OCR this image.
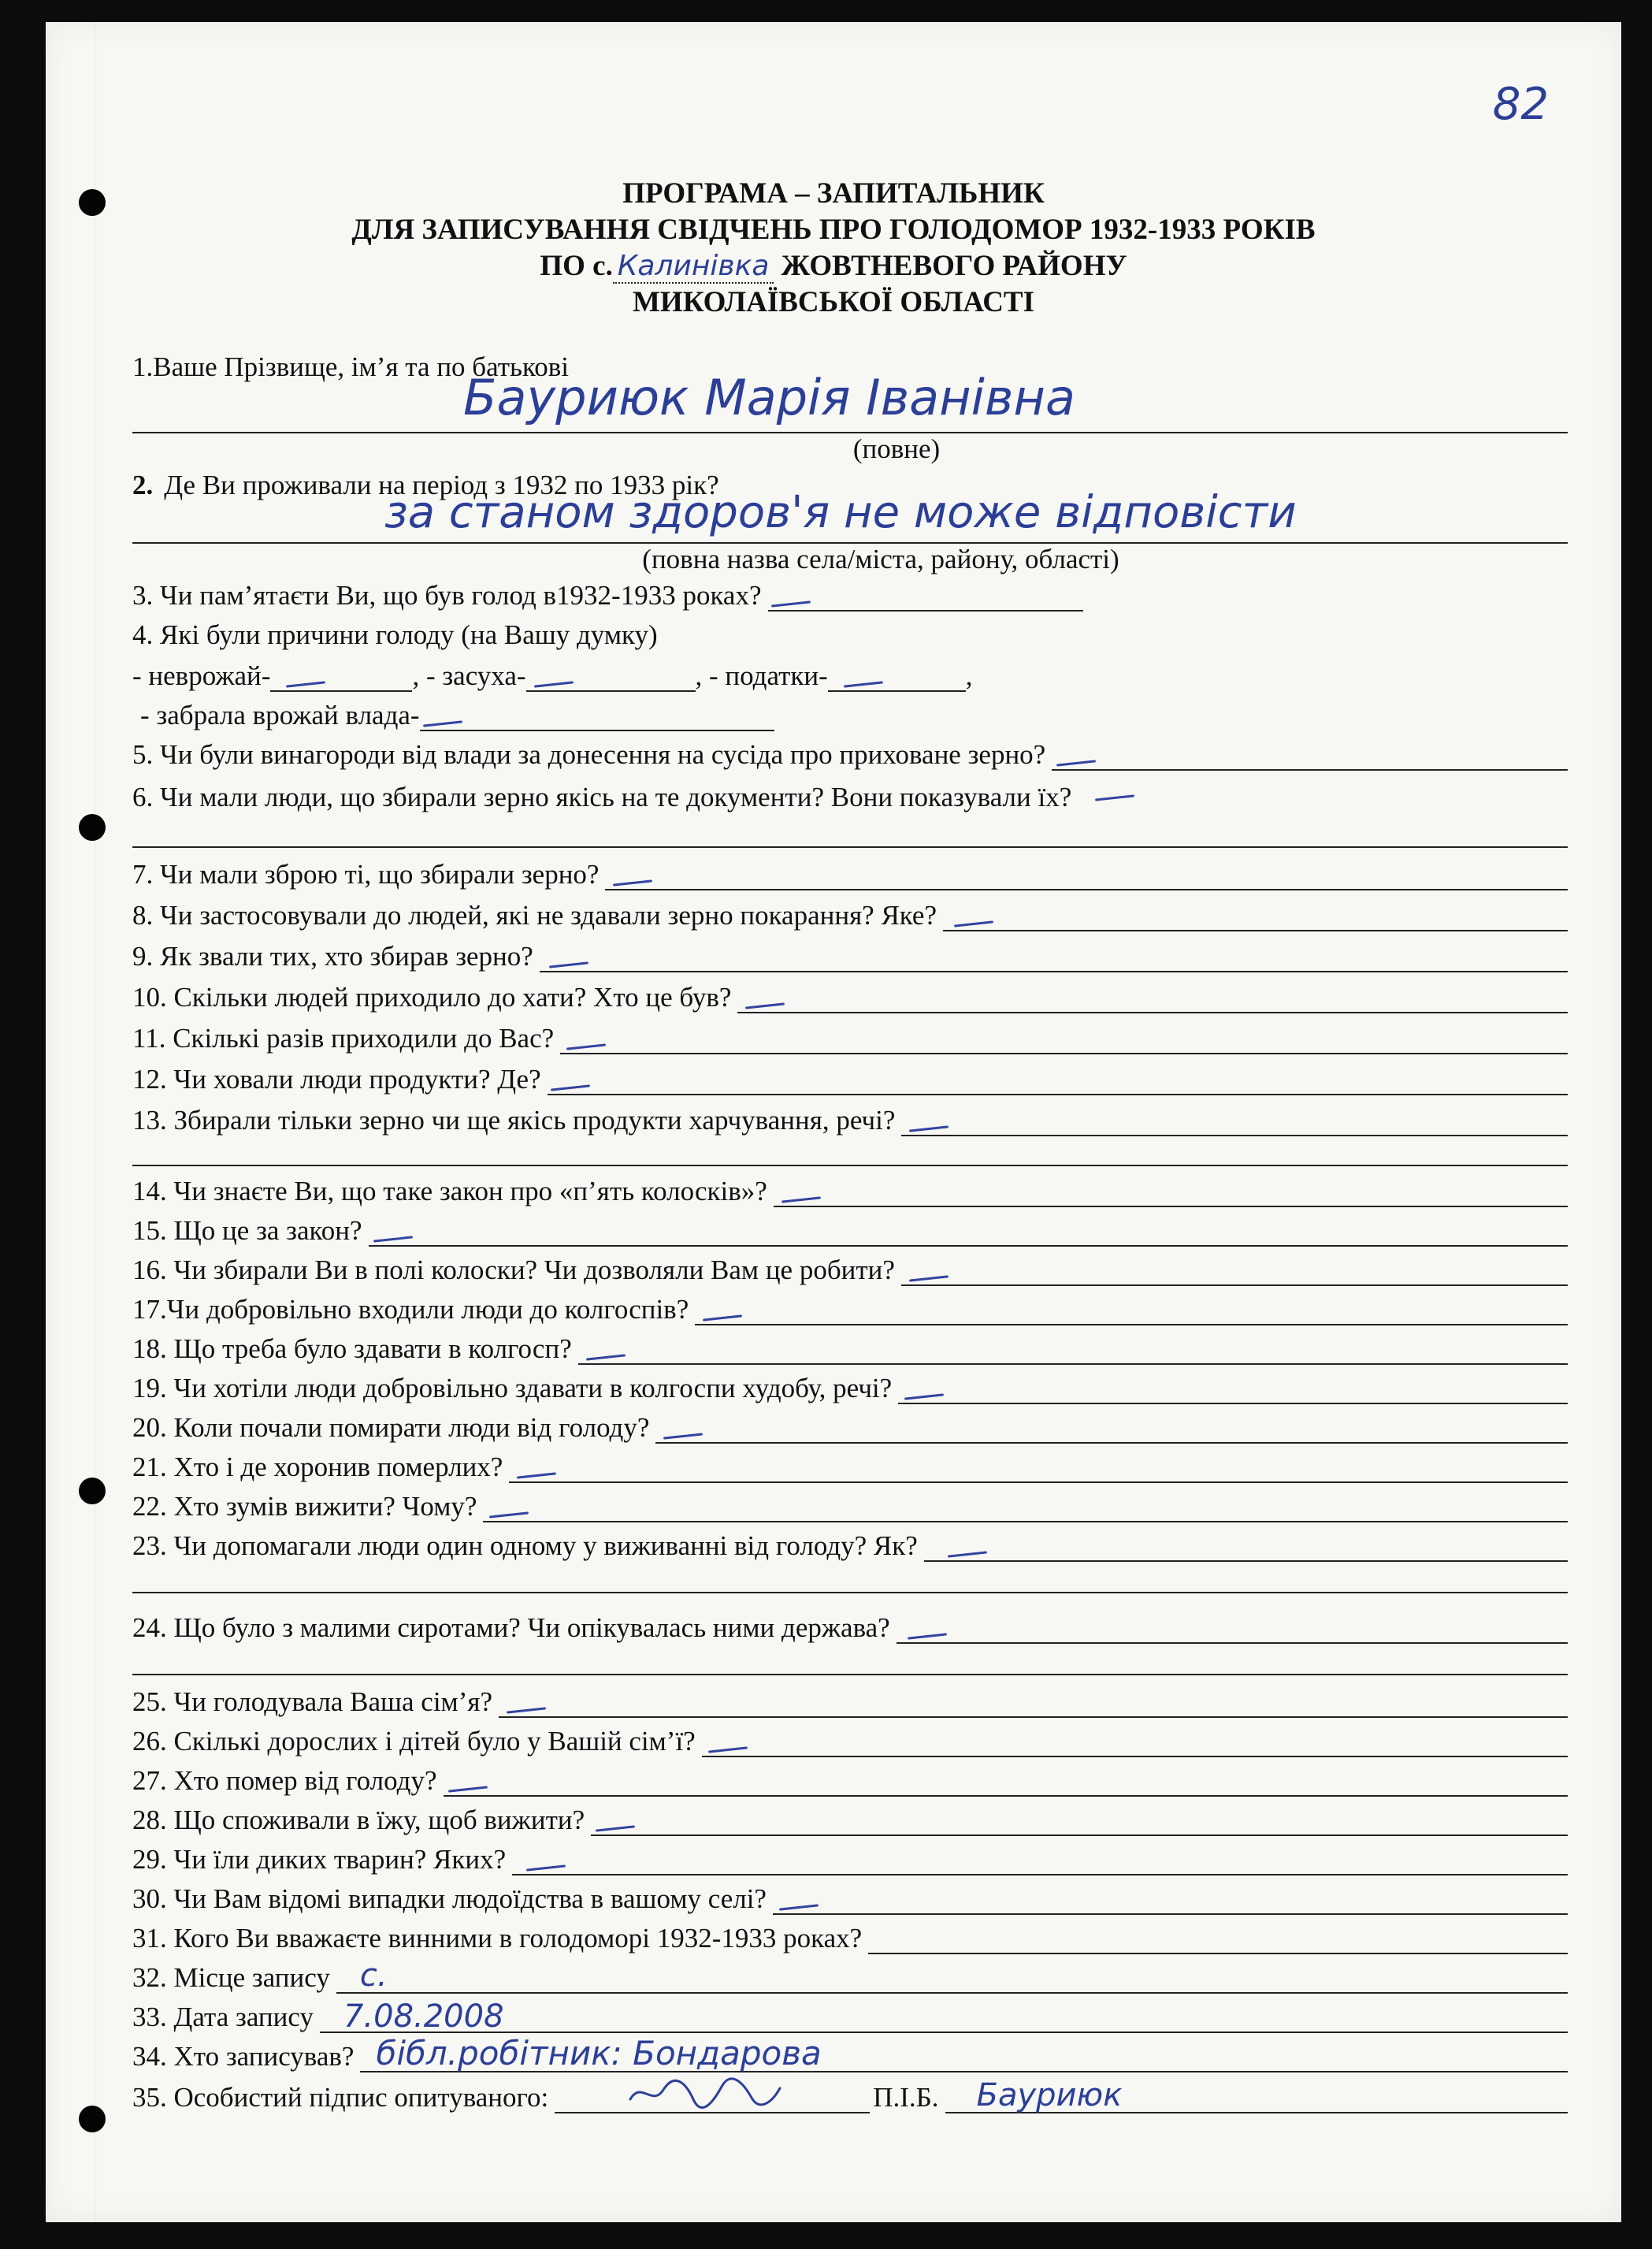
82
ПРОГРАМА – ЗАПИТАЛЬНИК
ДЛЯ ЗАПИСУВАННЯ СВІДЧЕНЬ ПРО ГОЛОДОМОР 1932-1933 РОКІВ
ПО с. Калинівка ЖОВТНЕВОГО РАЙОНУ
МИКОЛАЇВСЬКОЇ ОБЛАСТІ
1.Ваше Прізвище, ім’я та по батькові
Бауриюк Марія Іванівна
(повне)
2. Де Ви проживали на період з 1932 по 1933 рік?
за станом здоров'я не може відповісти
(повна назва села/міста, району, області)
3. Чи пам’ятаєти Ви, що був голод в1932-1933 роках?
4. Які були причини голоду (на Вашу думку)
- неврожай-	, - засуха-	, - податки-	,
- забрала врожай влада-
5. Чи були винагороди від влади за донесення на сусіда про приховане зерно?
6. Чи мали люди, що збирали зерно якісь на те документи? Вони показували їх?
7. Чи мали зброю ті, що збирали зерно?
8. Чи застосовували до людей, які не здавали зерно покарання? Яке?
9. Як звали тих, хто збирав зерно?
10. Скільки людей приходило до хати? Хто це був?
11. Скількі разів приходили до Вас?
12. Чи ховали люди продукти? Де?
13. Збирали тільки зерно чи ще якісь продукти харчування, речі?
14. Чи знаєте Ви, що таке закон про «п’ять колосків»?
15. Що це за закон?
16. Чи збирали Ви в полі колоски? Чи дозволяли Вам це робити?
17.Чи добровільно входили люди до колгоспів?
18. Що треба було здавати в колгосп?
19. Чи хотіли люди добровільно здавати в колгоспи худобу, речі?
20. Коли почали помирати люди від голоду?
21. Хто і де хоронив померлих?
22. Хто зумів вижити? Чому?
23. Чи допомагали люди один одному у виживанні від голоду? Як?
24. Що було з малими сиротами? Чи опікувалась ними держава?
25. Чи голодувала Ваша сім’я?
26. Скількі дорослих і дітей було у Вашій сім’ї?
27. Хто помер від голоду?
28. Що споживали в їжу, щоб вижити?
29. Чи їли диких тварин? Яких?
30. Чи Вам відомі випадки людоїдства в вашому селі?
31. Кого Ви вважаєте винними в голодоморі 1932-1933 роках?
32. Місце запису с.
33. Дата запису 7.08.2008
34. Хто записував? бібл.робітник: Бондарова
35. Особистий підпис опитуваного:	П.І.Б. Бауриюк
